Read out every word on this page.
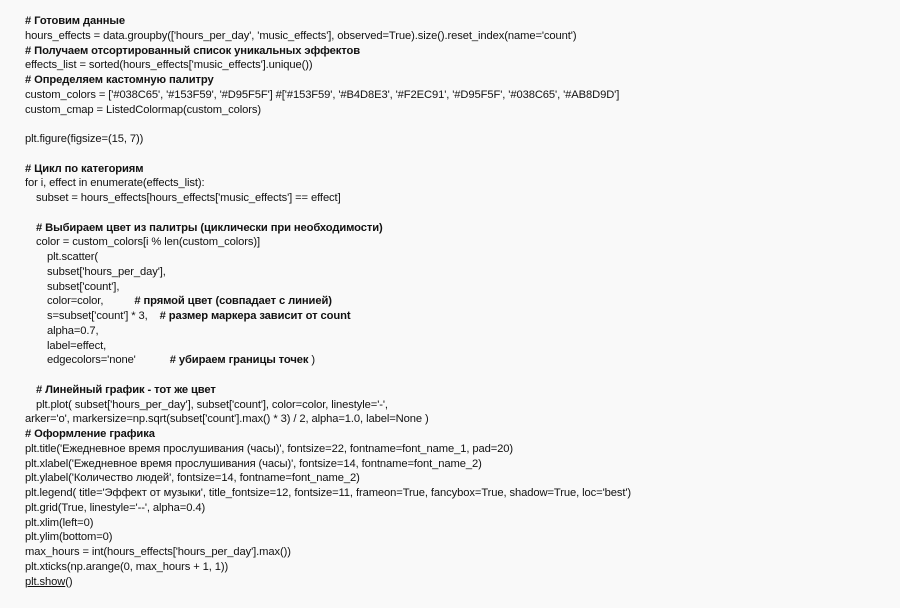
# Готовим данные
hours_effects = data.groupby(['hours_per_day', 'music_effects'], observed=True).size().reset_index(name='count')
# Получаем отсортированный список уникальных эффектов
effects_list = sorted(hours_effects['music_effects'].unique())
# Определяем кастомную палитру
custom_colors = ['#038C65', '#153F59', '#D95F5F'] #['#153F59', '#B4D8E3', '#F2EC91', '#D95F5F', '#038C65', '#AB8D9D']
custom_cmap = ListedColormap(custom_colors)
plt.figure(figsize=(15, 7))
# Цикл по категориям
for i, effect in enumerate(effects_list):
subset = hours_effects[hours_effects['music_effects'] == effect]
# Выбираем цвет из палитры (циклически при необходимости)
color = custom_colors[i % len(custom_colors)]
plt.scatter(
subset['hours_per_day'],
subset['count'],
color=color,	# прямой цвет (совпадает с линией)
s=subset['count'] * 3, # размер маркера зависит от count
alpha=0.7,
label=effect,
edgecolors='none'	# убираем границы точек )
# Линейный график - тот же цвет
plt.plot( subset['hours_per_day'], subset['count'], color=color, linestyle='-',
arker='o', markersize=np.sqrt(subset['count'].max() * 3) / 2, alpha=1.0, label=None )
# Оформление графика
plt.title('Ежедневное время прослушивания (часы)', fontsize=22, fontname=font_name_1, pad=20)
plt.xlabel('Ежедневное время прослушивания (часы)', fontsize=14, fontname=font_name_2)
plt.ylabel('Количество людей', fontsize=14, fontname=font_name_2)
plt.legend( title='Эффект от музыки', title_fontsize=12, fontsize=11, frameon=True, fancybox=True, shadow=True, loc='best')
plt.grid(True, linestyle='--', alpha=0.4)
plt.xlim(left=0)
plt.ylim(bottom=0)
max_hours = int(hours_effects['hours_per_day'].max())
plt.xticks(np.arange(0, max_hours + 1, 1))
plt.show()
